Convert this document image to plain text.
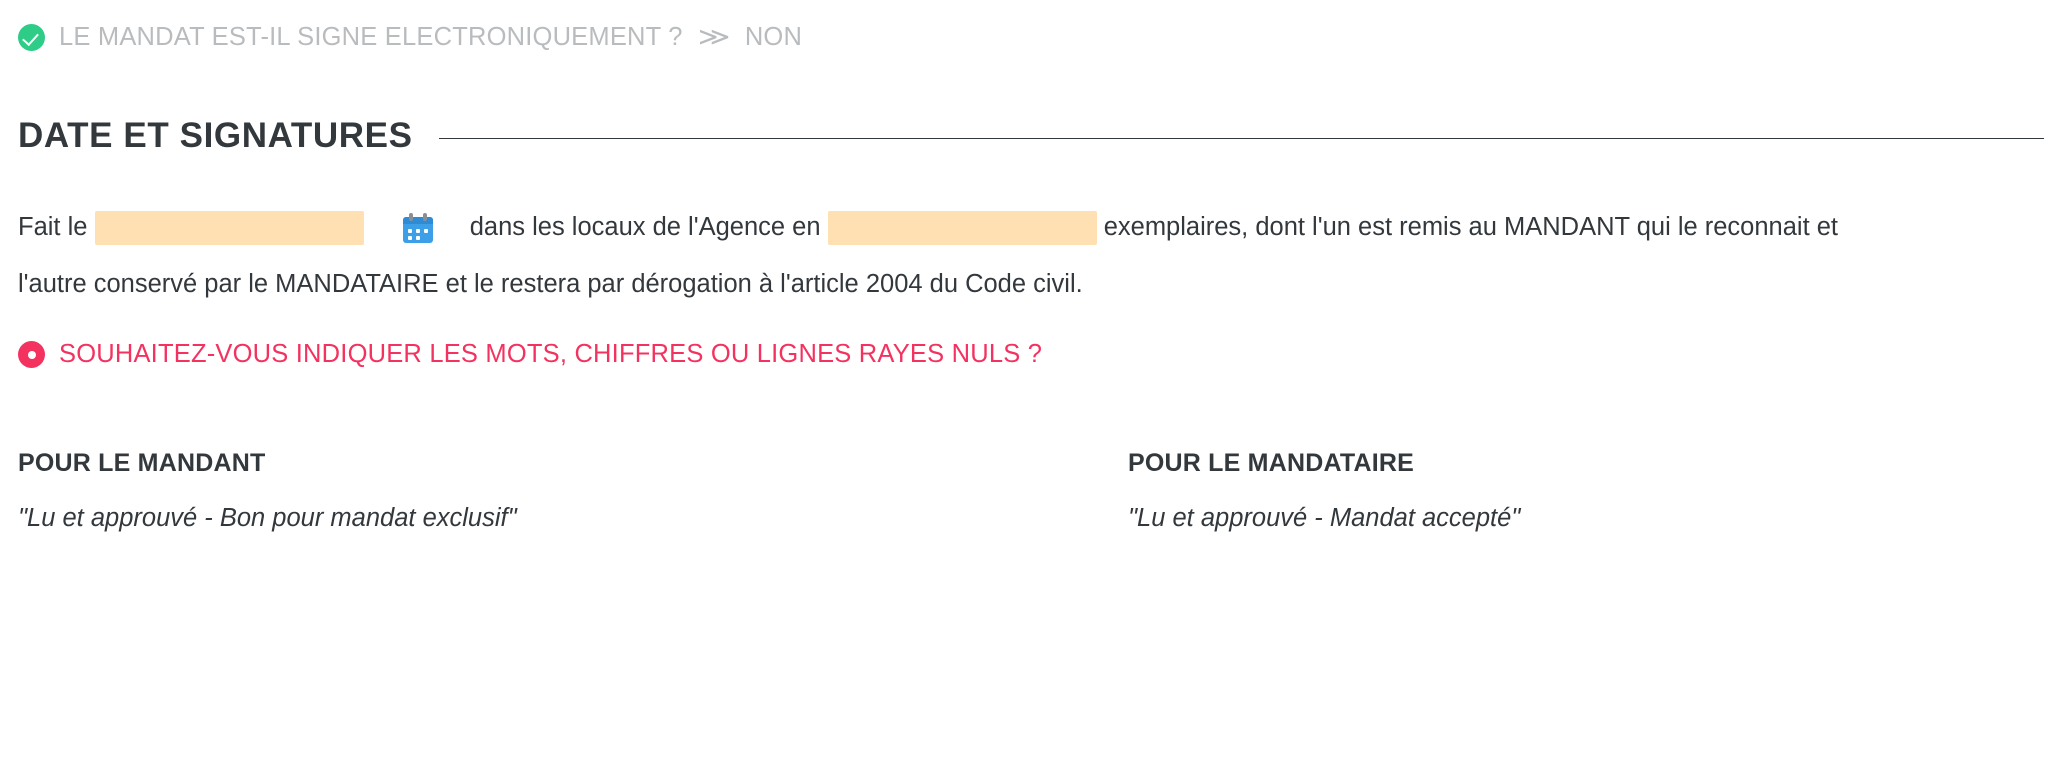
LE MANDAT EST-IL SIGNE ELECTRONIQUEMENT ? ≫ NON
DATE ET SIGNATURES
Fait le	dans les locaux de l'Agence en	exemplaires, dont l'un est remis au MANDANT qui le reconnait et l'autre conservé par le MANDATAIRE et le restera par dérogation à l'article 2004 du Code civil.
SOUHAITEZ-VOUS INDIQUER LES MOTS, CHIFFRES OU LIGNES RAYES NULS ?
POUR LE MANDANT
"Lu et approuvé - Bon pour mandat exclusif"
POUR LE MANDATAIRE
"Lu et approuvé - Mandat accepté"
